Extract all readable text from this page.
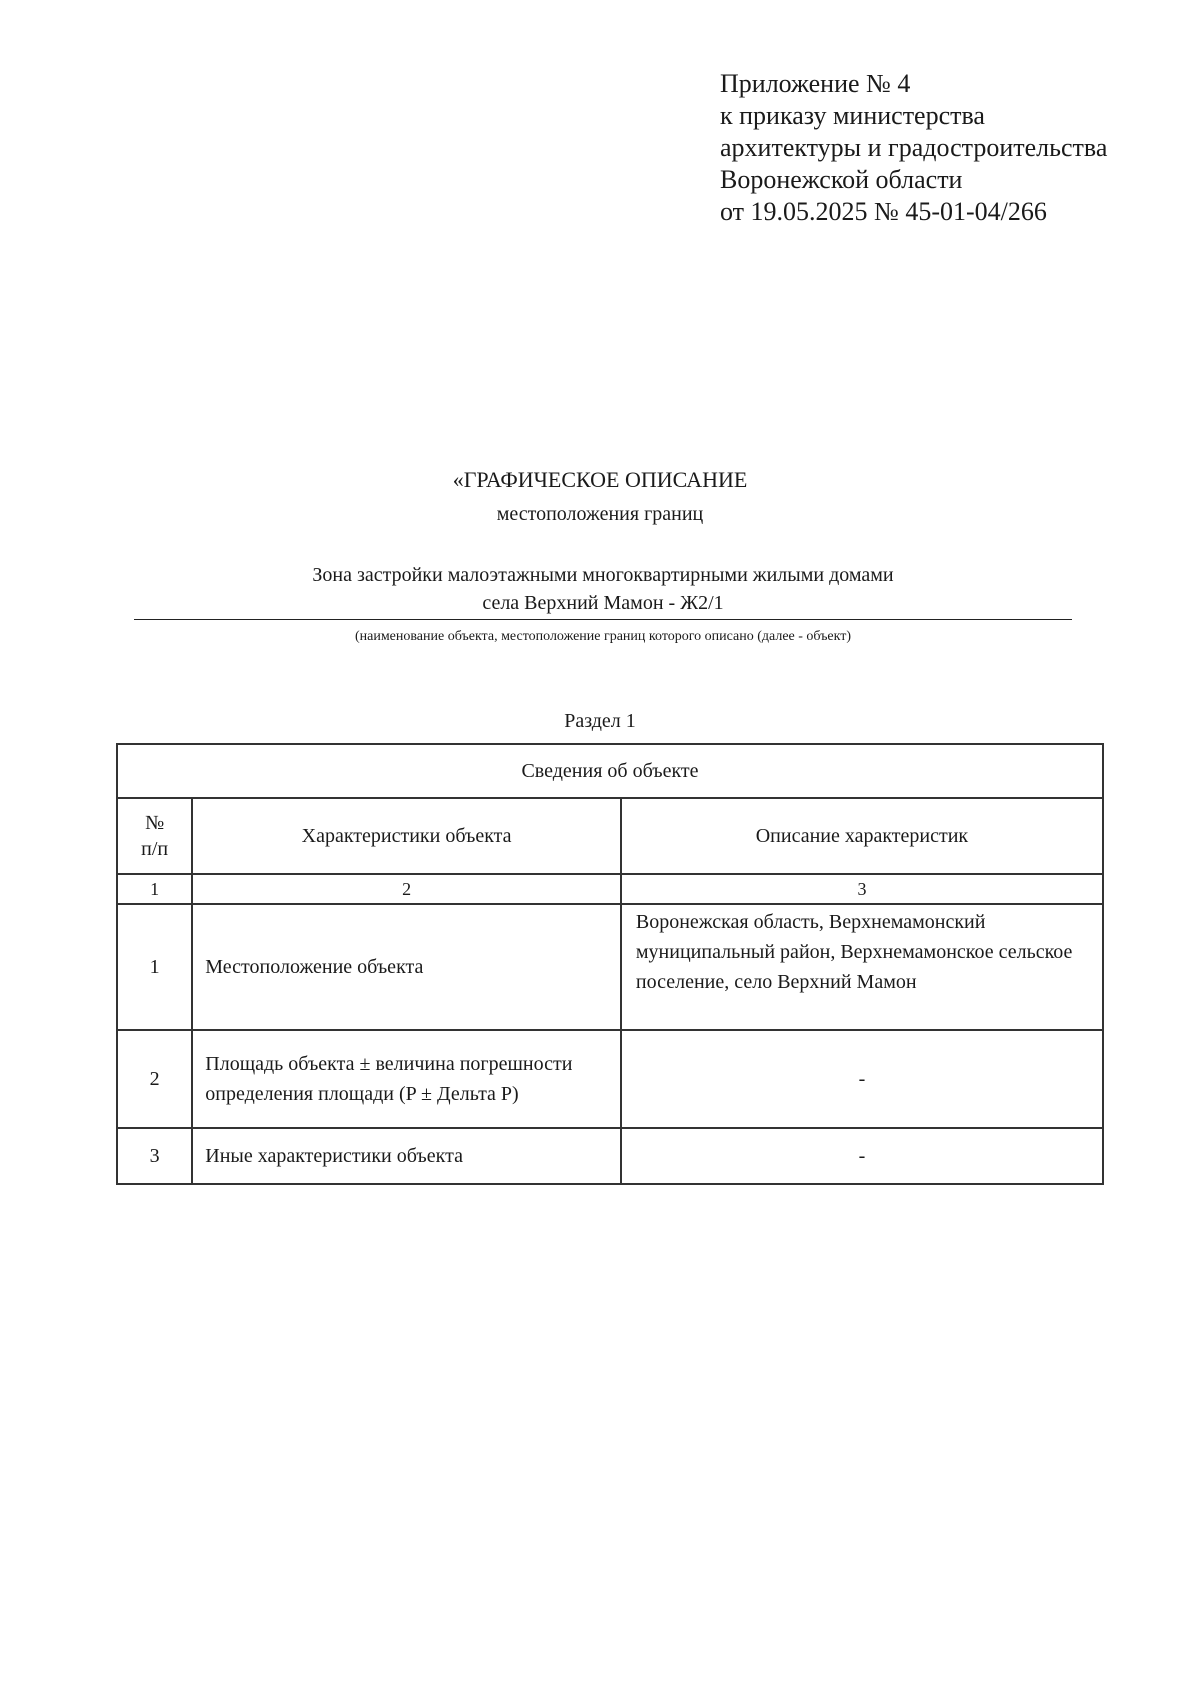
Приложение № 4
к приказу министерства
архитектуры и градостроительства
Воронежской области
от 19.05.2025 № 45-01-04/266
«ГРАФИЧЕСКОЕ ОПИСАНИЕ
местоположения границ
Зона застройки малоэтажными многоквартирными жилыми домами
села Верхний Мамон - Ж2/1
(наименование объекта, местоположение границ которого описано (далее - объект)
Раздел 1
Сведения об объекте		

№
п/п	Характеристики объекта	Описание характеристик
1	2	3
1	Местоположение объекта	Воронежская область, Верхнемамонский муниципальный район, Верхнемамонское сельское поселение, село Верхний Мамон
2	Площадь объекта ± величина погрешности определения площади (P ± Дельта P)	-
3	Иные характеристики объекта	-
